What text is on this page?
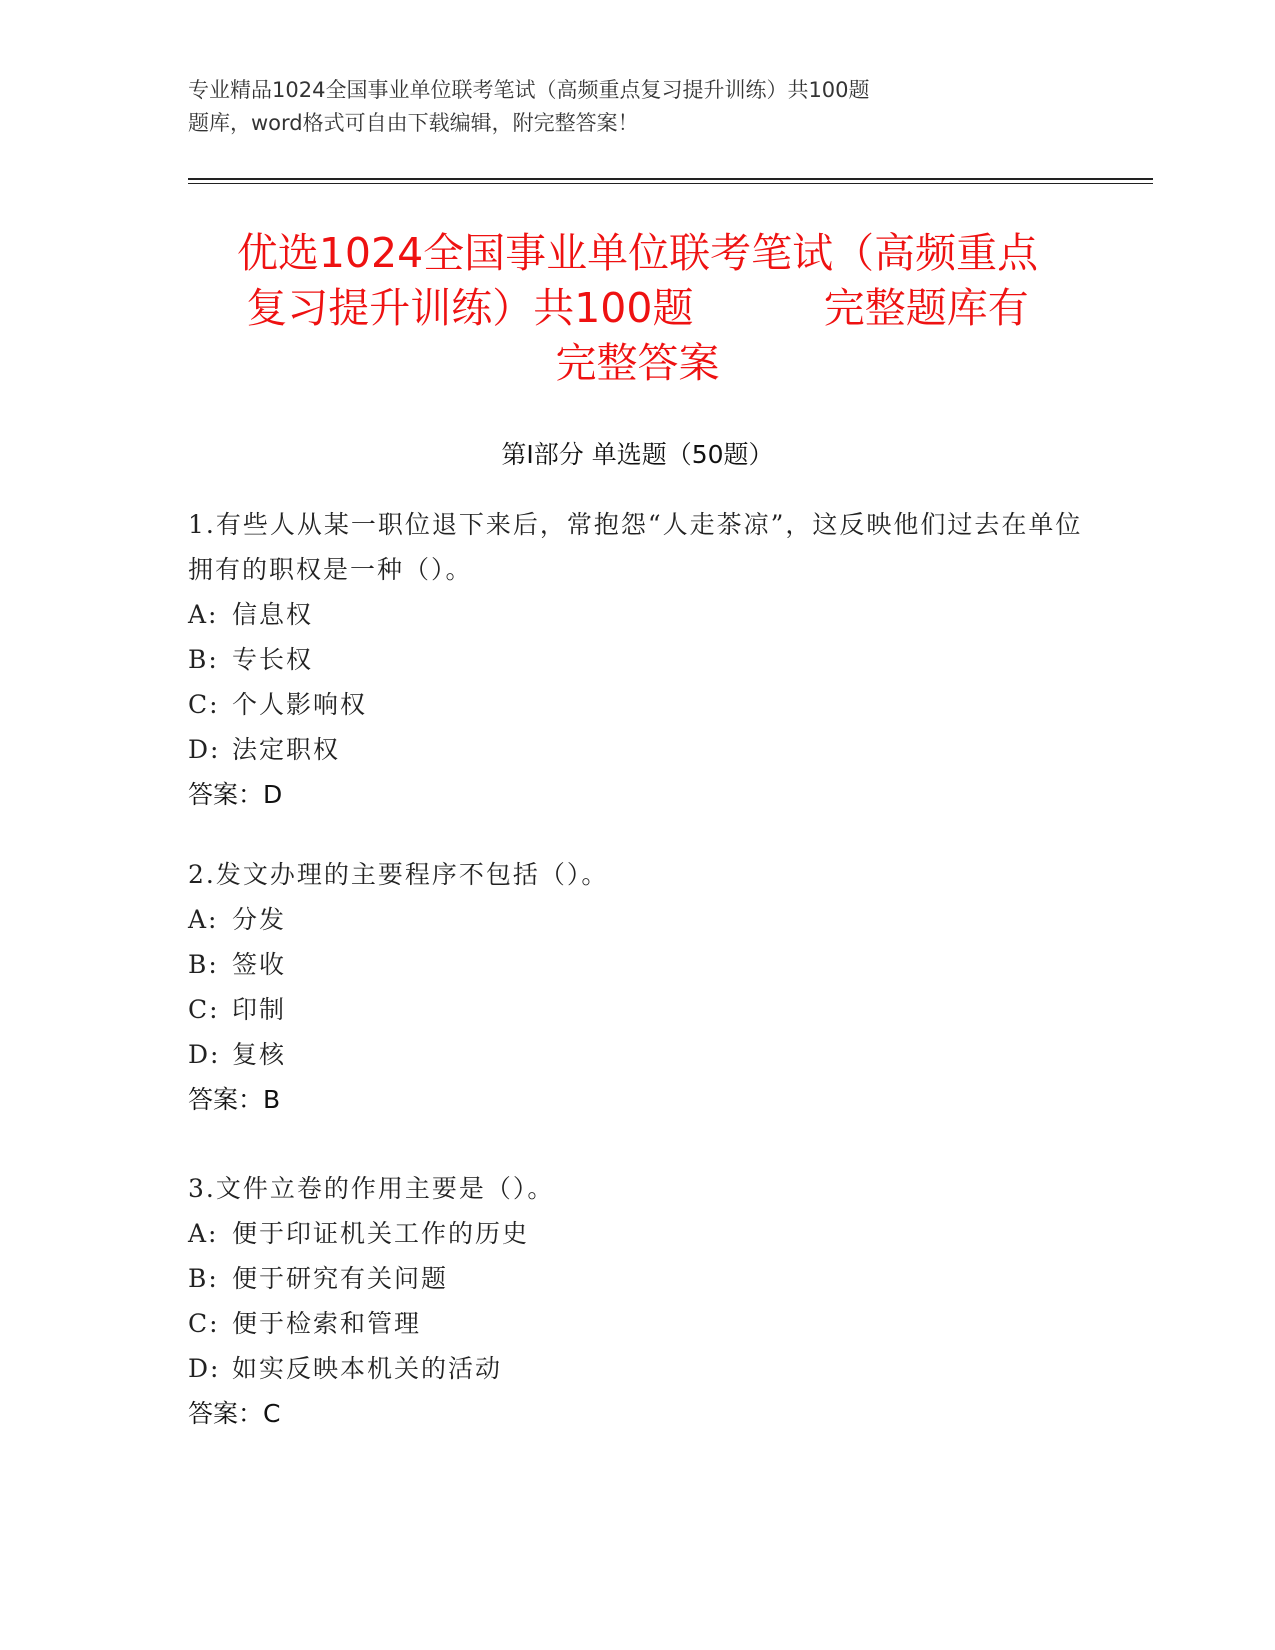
专业精品1024全国事业单位联考笔试（高频重点复习提升训练）共100题
题库，word格式可自由下载编辑，附完整答案！
优选1024全国事业单位联考笔试（高频重点
复习提升训练）共100题          完整题库有
完整答案
第Ⅰ部分 单选题（50题）
1.有些人从某一职位退下来后，常抱怨“人走茶凉”，这反映他们过去在单位拥有的职权是一种（）。
A: 信息权
B: 专长权
C: 个人影响权
D: 法定职权
答案：D
2.发文办理的主要程序不包括（）。
A: 分发
B: 签收
C: 印制
D: 复核
答案：B
3.文件立卷的作用主要是（）。
A: 便于印证机关工作的历史
B: 便于研究有关问题
C: 便于检索和管理
D: 如实反映本机关的活动
答案：C
